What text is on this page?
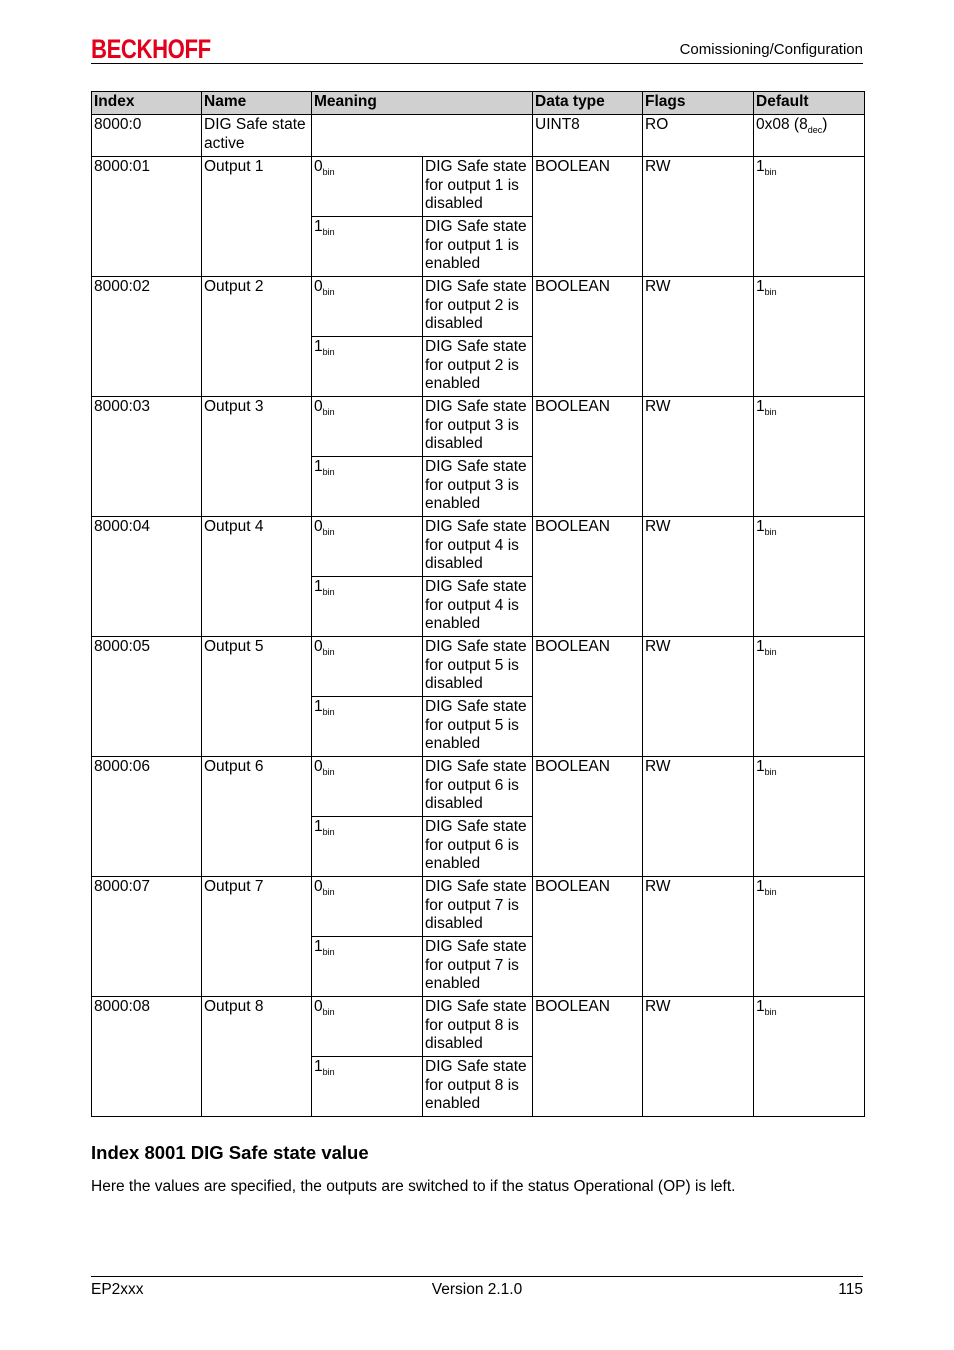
BECKHOFF	Comissioning/Configuration
Index	Name	Meaning		Data type	Flags	Default
8000:0	DIG Safe state active			UINT8	RO	0x08 $(8_{dec})$
8000:01	Output 1	$0_{bin}$	DIG Safe state for output 1 is disabled	BOOLEAN	RW	$1_{bin}$
		$1_{bin}$	DIG Safe state for output 1 is enabled			
8000:02	Output 2	$0_{bin}$	DIG Safe state for output 2 is disabled	BOOLEAN	RW	$1_{bin}$
		$1_{bin}$	DIG Safe state for output 2 is enabled			
8000:03	Output 3	$0_{bin}$	DIG Safe state for output 3 is disabled	BOOLEAN	RW	$1_{bin}$
		$1_{bin}$	DIG Safe state for output 3 is enabled			
8000:04	Output 4	$0_{bin}$	DIG Safe state for output 4 is disabled	BOOLEAN	RW	$1_{bin}$
		$1_{bin}$	DIG Safe state for output 4 is enabled			
8000:05	Output 5	$0_{bin}$	DIG Safe state for output 5 is disabled	BOOLEAN	RW	$1_{bin}$
		$1_{bin}$	DIG Safe state for output 5 is enabled			
8000:06	Output 6	$0_{bin}$	DIG Safe state for output 6 is disabled	BOOLEAN	RW	$1_{bin}$
		$1_{bin}$	DIG Safe state for output 6 is enabled			
8000:07	Output 7	$0_{bin}$	DIG Safe state for output 7 is disabled	BOOLEAN	RW	$1_{bin}$
		$1_{bin}$	DIG Safe state for output 7 is enabled			
8000:08	Output 8	$0_{bin}$	DIG Safe state for output 8 is disabled	BOOLEAN	RW	$1_{bin}$
		$1_{bin}$	DIG Safe state for output 8 is enabled			
Index 8001 DIG Safe state value
Here the values are specified, the outputs are switched to if the status Operational (OP) is left.
EP2xxx	Version 2.1.0	115
